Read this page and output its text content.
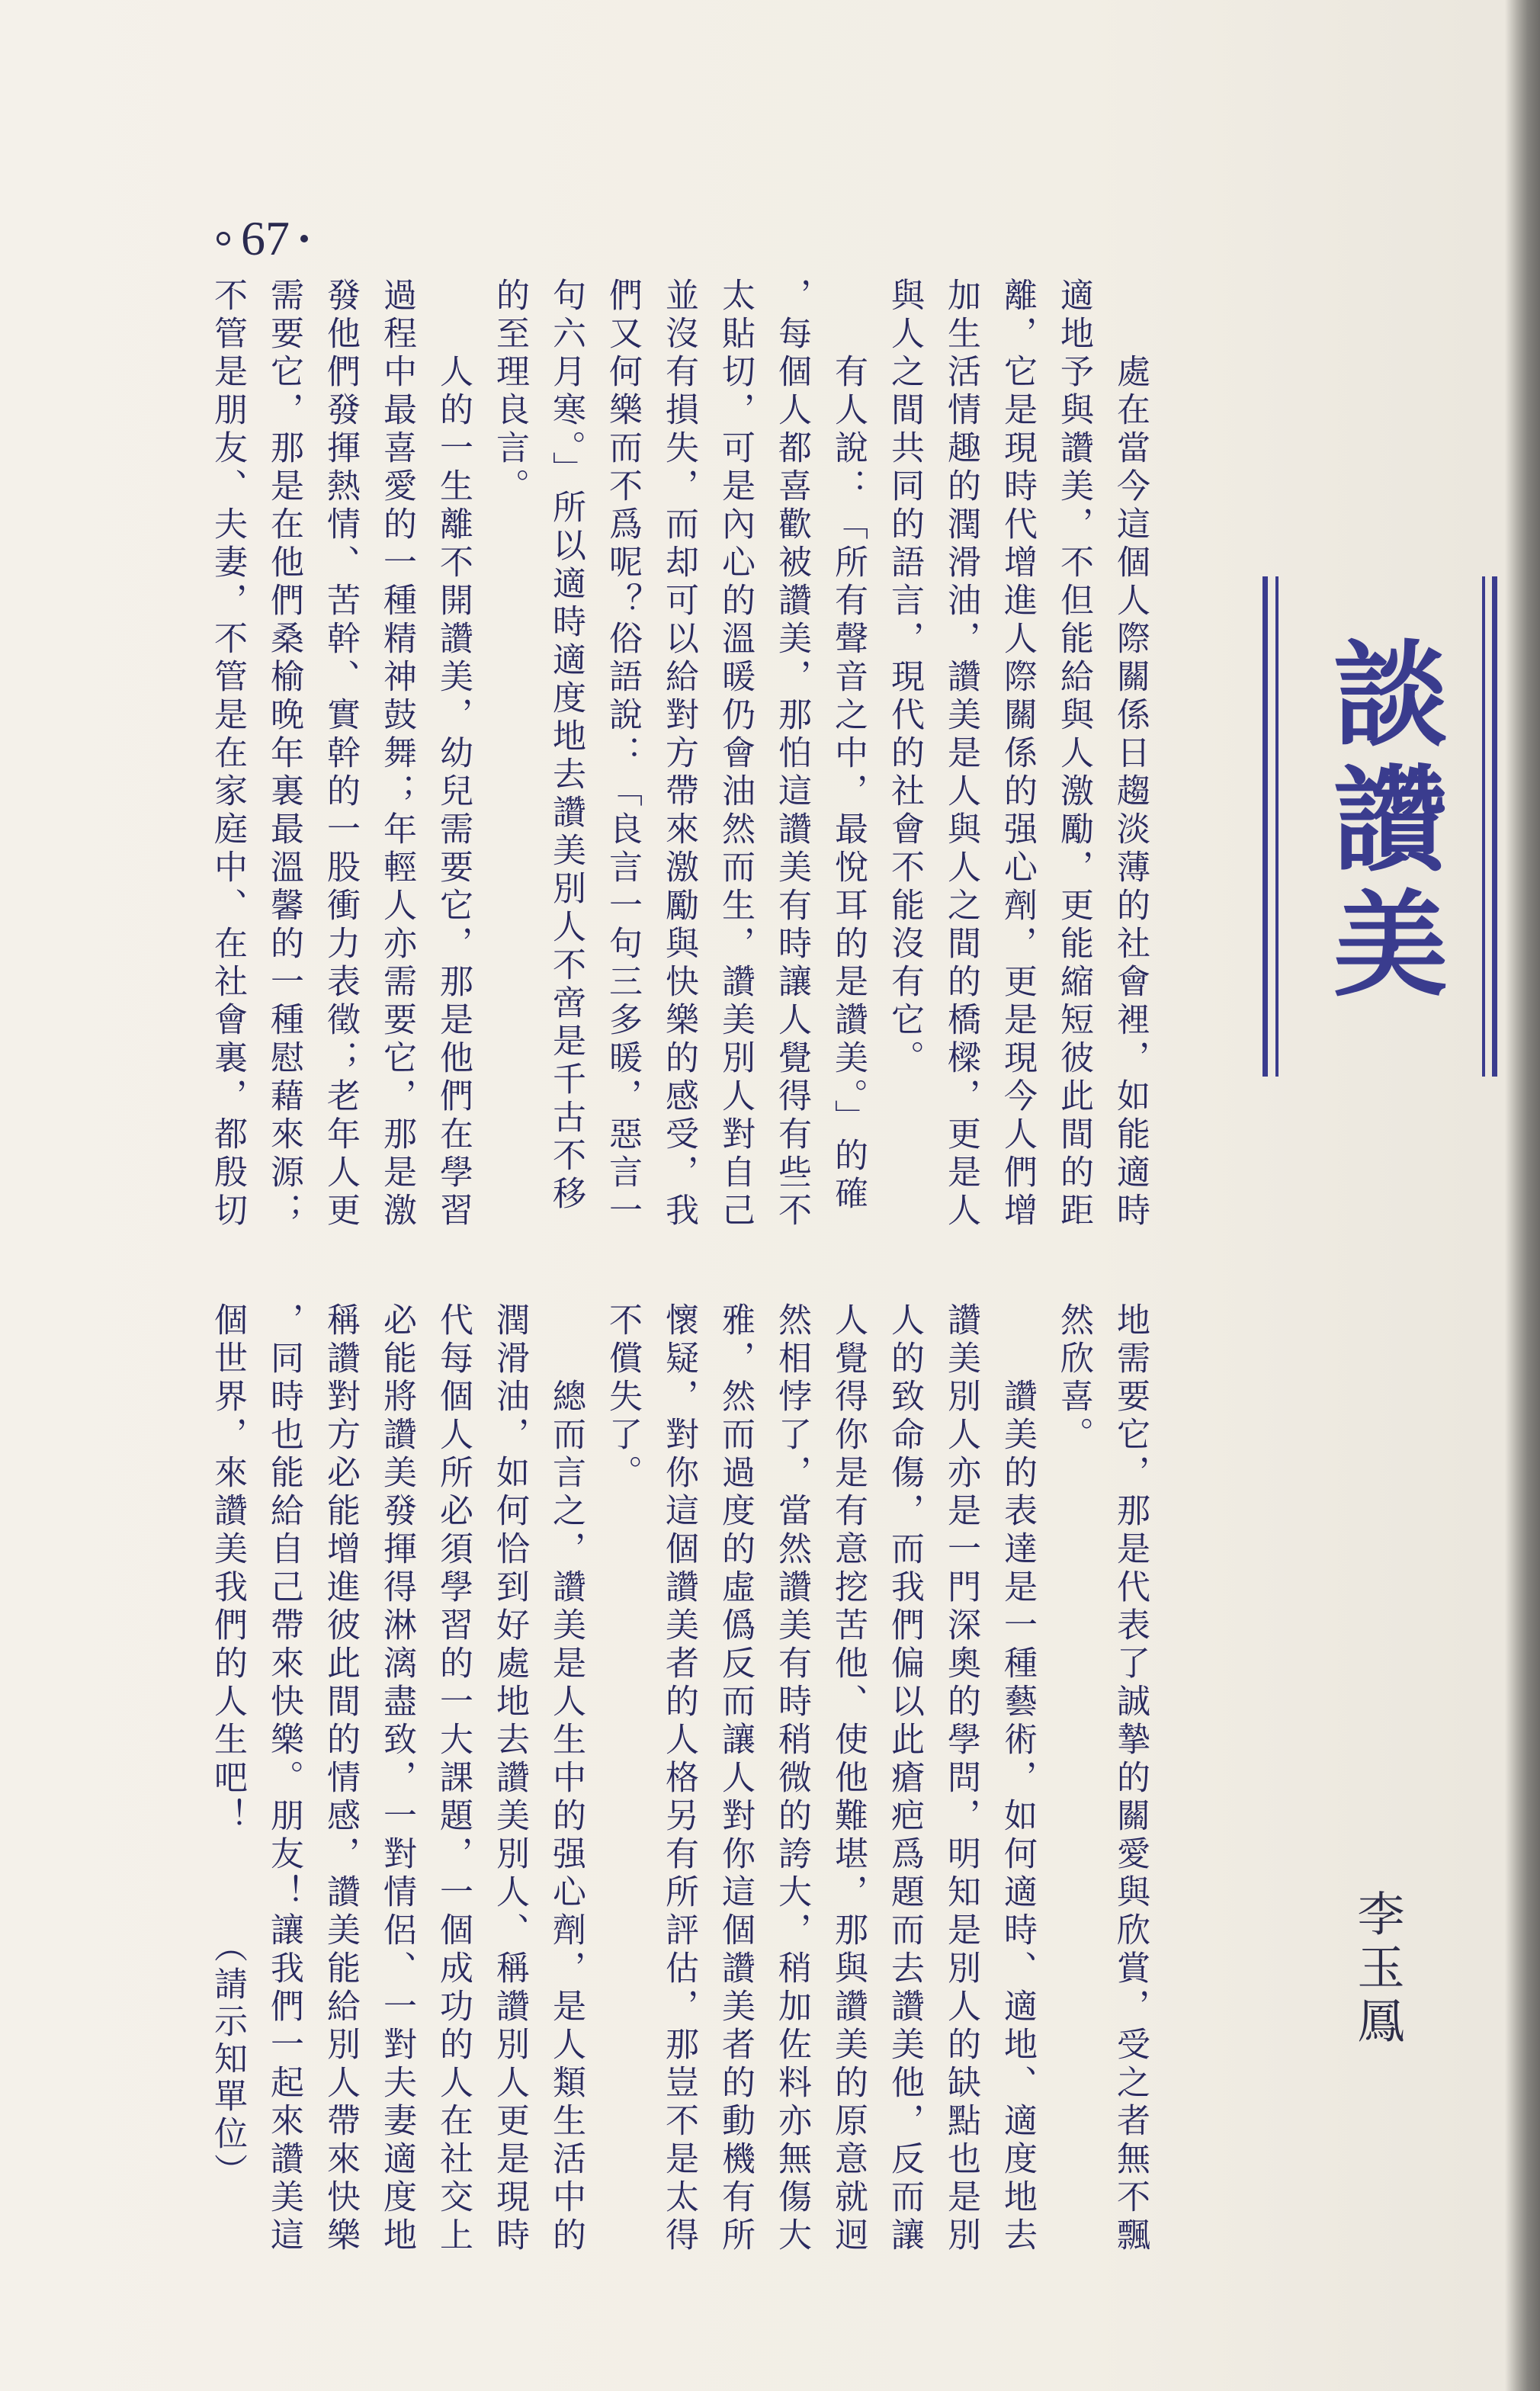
67
談讚美
李玉鳳
處在當今這個人際關係日趨淡薄的社會裡，如能適時
適地予與讚美，不但能給與人激勵，更能縮短彼此間的距
離，它是現時代增進人際關係的强心劑，更是現今人們增
加生活情趣的潤滑油，讚美是人與人之間的橋樑，更是人
與人之間共同的語言，現代的社會不能沒有它。
有人說：「所有聲音之中，最悅耳的是讚美。」的確
，每個人都喜歡被讚美，那怕這讚美有時讓人覺得有些不
太貼切，可是內心的溫暖仍會油然而生，讚美別人對自己
並沒有損失，而却可以給對方帶來激勵與快樂的感受，我
們又何樂而不爲呢？俗語說：「良言一句三多暖，惡言一
句六月寒。」所以適時適度地去讚美別人不啻是千古不移
的至理良言。
人的一生離不開讚美，幼兒需要它，那是他們在學習
過程中最喜愛的一種精神鼓舞；年輕人亦需要它，那是激
發他們發揮熱情、苦幹、實幹的一股衝力表徵；老年人更
需要它，那是在他們桑榆晚年裏最溫馨的一種慰藉來源；
不管是朋友、夫妻，不管是在家庭中、在社會裏，都殷切
地需要它，那是代表了誠摯的關愛與欣賞，受之者無不飄
然欣喜。
讚美的表達是一種藝術，如何適時、適地、適度地去
讚美別人亦是一門深奧的學問，明知是別人的缺點也是別
人的致命傷，而我們偏以此瘡疤爲題而去讚美他，反而讓
人覺得你是有意挖苦他、使他難堪，那與讚美的原意就迥
然相悖了，當然讚美有時稍微的誇大，稍加佐料亦無傷大
雅，然而過度的虛僞反而讓人對你這個讚美者的動機有所
懷疑，對你這個讚美者的人格另有所評估，那豈不是太得
不償失了。
總而言之，讚美是人生中的强心劑，是人類生活中的
潤滑油，如何恰到好處地去讚美別人、稱讚別人更是現時
代每個人所必須學習的一大課題，一個成功的人在社交上
必能將讚美發揮得淋漓盡致，一對情侶、一對夫妻適度地
稱讚對方必能增進彼此間的情感，讚美能給別人帶來快樂
，同時也能給自己帶來快樂。朋友！讓我們一起來讚美這
個世界，來讚美我們的人生吧！
（請示知單位）
